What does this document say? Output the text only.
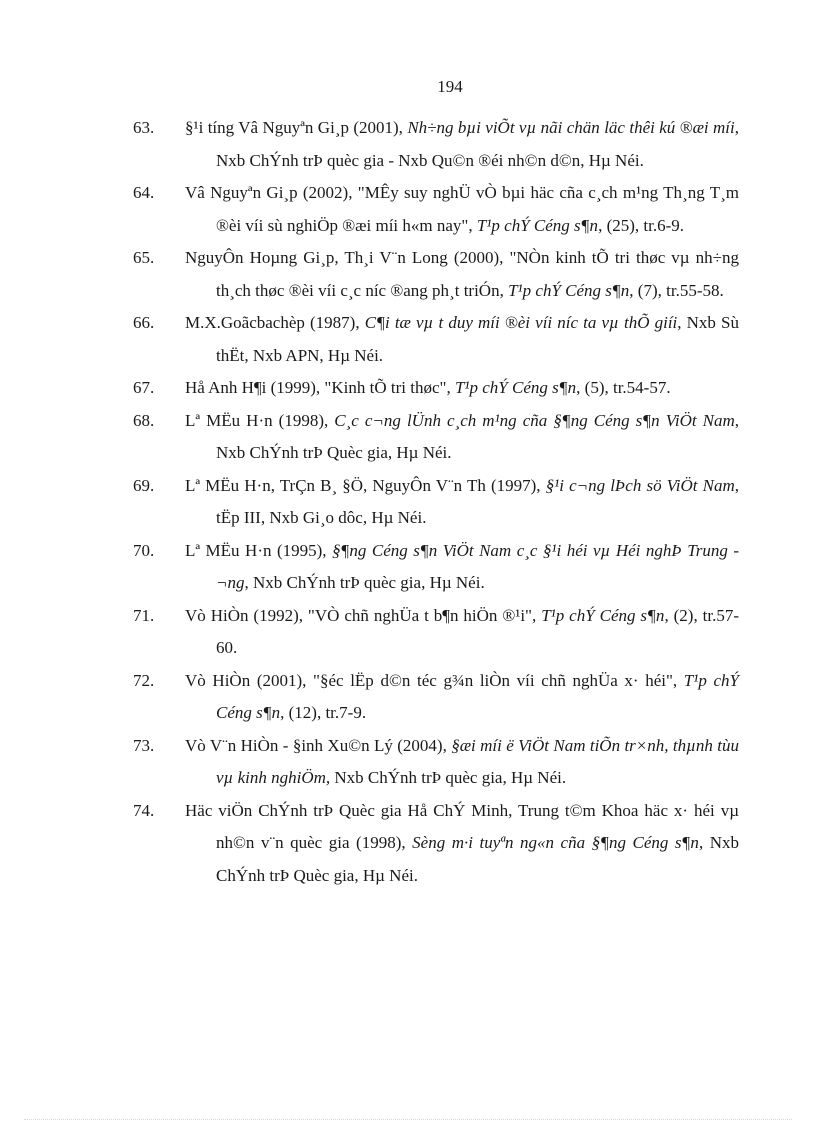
194

63.	§¹i tíng Vâ Nguyªn Gi¸p (2001), Nh÷ng bµi viÕt vµ nãi chän läc thêi kú ®æi míi, Nxb ChÝnh trÞ quèc gia - Nxb Qu©n ®éi nh©n d©n, Hµ Néi.

64.	Vâ Nguyªn Gi¸p (2002), "MÊy suy nghÜ vÒ bµi häc cña c¸ch m¹ng Th¸ng T¸m ®èi víi sù nghiÖp ®æi míi h«m nay", T¹p chÝ Céng s¶n, (25), tr.6-9.

65.	NguyÔn Hoµng Gi¸p, Th¸i V¨n Long (2000), "NÒn kinh tÕ tri thøc vµ nh÷ng th¸ch thøc ®èi víi c¸c níc ®ang ph¸t triÓn, T¹p chÝ Céng s¶n, (7), tr.55-58.

66.	M.X.Goãcbachèp (1987), C¶i tæ vµ t duy míi ®èi víi níc ta vµ thÕ giíi, Nxb Sù thËt, Nxb APN, Hµ Néi.

67.	Hå Anh H¶i (1999), "Kinh tÕ tri thøc", T¹p chÝ Céng s¶n, (5), tr.54-57.

68.	Lª MËu H·n (1998), C¸c c¬ng lÜnh c¸ch m¹ng cña §¶ng Céng s¶n ViÖt Nam, Nxb ChÝnh trÞ Quèc gia, Hµ Néi.

69.	Lª MËu H·n, TrÇn B¸ §Ö, NguyÔn V¨n Th (1997), §¹i c¬ng lÞch sö ViÖt Nam, tËp III, Nxb Gi¸o dôc, Hµ Néi.

70.	Lª MËu H·n (1995), §¶ng Céng s¶n ViÖt Nam c¸c §¹i héi vµ Héi nghÞ Trung ¬ng, Nxb ChÝnh trÞ quèc gia, Hµ Néi.

71.	Vò HiÒn (1992), "VÒ chñ nghÜa t b¶n hiÖn ®¹i", T¹p chÝ Céng s¶n, (2), tr.57-60.

72.	Vò HiÒn (2001), "§éc lËp d©n téc g¾n liÒn víi chñ nghÜa x· héi", T¹p chÝ Céng s¶n, (12), tr.7-9.

73.	Vò V¨n HiÒn - §inh Xu©n Lý (2004), §æi míi ë ViÖt Nam tiÕn tr×nh, thµnh tùu vµ kinh nghiÖm, Nxb ChÝnh trÞ quèc gia, Hµ Néi.

74.	Häc viÖn ChÝnh trÞ Quèc gia Hå ChÝ Minh, Trung t©m Khoa häc x· héi vµ nh©n v¨n quèc gia (1998), Sèng m·i tuyªn ng«n cña §¶ng Céng s¶n, Nxb ChÝnh trÞ Quèc gia, Hµ Néi.
